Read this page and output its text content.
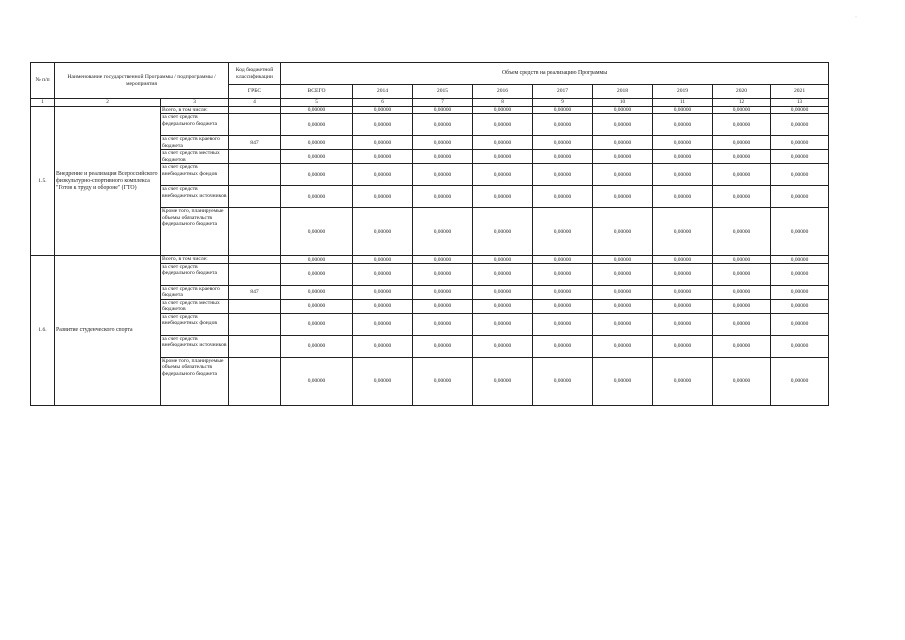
ˌ
№ п/п	Наименование государственной Программы / подпрограммы / мероприятия		Код бюджетной классификации	Объем средств на реализацию Программы								
			ГРБС	ВСЕГО	2014	2015	2016	2017	2018	2019	2020	2021

1	2	3	4	5	6	7	8	9	10	11	12	13
1.5.	Внедрение и реализация Всероссийского физкультурно-спортивного комплекса "Готов к труду и обороне" (ГТО)	Всего, в том числе:		0,00000	0,00000	0,00000	0,00000	0,00000	0,00000	0,00000	0,00000	0,00000
		за счет средств федерального бюджета		0,00000	0,00000	0,00000	0,00000	0,00000	0,00000	0,00000	0,00000	0,00000
		за счет средств краевого бюджета	847	0,00000	0,00000	0,00000	0,00000	0,00000	0,00000	0,00000	0,00000	0,00000
		за счет средств местных бюджетов		0,00000	0,00000	0,00000	0,00000	0,00000	0,00000	0,00000	0,00000	0,00000
		за счет средств внебюджетных фондов		0,00000	0,00000	0,00000	0,00000	0,00000	0,00000	0,00000	0,00000	0,00000
		за счет средств внебюджетных источников		0,00000	0,00000	0,00000	0,00000	0,00000	0,00000	0,00000	0,00000	0,00000
		Кроме того, планируемые объемы обязательств федерального бюджета		0,00000	0,00000	0,00000	0,00000	0,00000	0,00000	0,00000	0,00000	0,00000
1.6.	Развитие студенческого спорта	Всего, в том числе:		0,00000	0,00000	0,00000	0,00000	0,00000	0,00000	0,00000	0,00000	0,00000
		за счет средств федерального бюджета		0,00000	0,00000	0,00000	0,00000	0,00000	0,00000	0,00000	0,00000	0,00000
		за счет средств краевого бюджета	847	0,00000	0,00000	0,00000	0,00000	0,00000	0,00000	0,00000	0,00000	0,00000
		за счет средств местных бюджетов		0,00000	0,00000	0,00000	0,00000	0,00000	0,00000	0,00000	0,00000	0,00000
		за счет средств внебюджетных фондов		0,00000	0,00000	0,00000	0,00000	0,00000	0,00000	0,00000	0,00000	0,00000
		за счет средств внебюджетных источников		0,00000	0,00000	0,00000	0,00000	0,00000	0,00000	0,00000	0,00000	0,00000
		Кроме того, планируемые объемы обязательств федерального бюджета		0,00000	0,00000	0,00000	0,00000	0,00000	0,00000	0,00000	0,00000	0,00000
